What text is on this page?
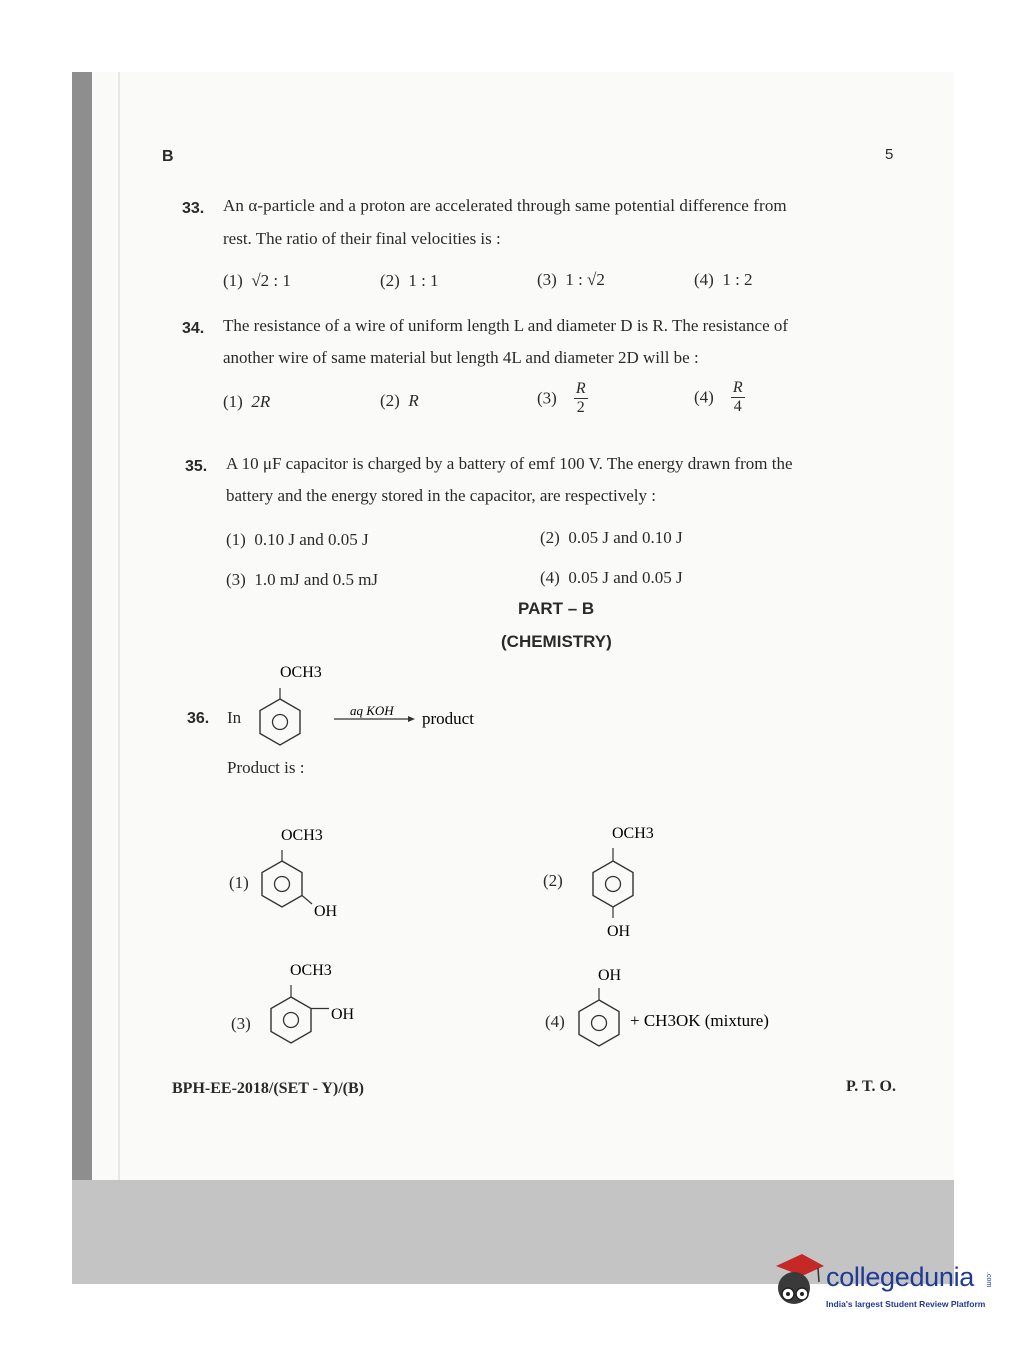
B	5
33. An α-particle and a proton are accelerated through same potential difference from
rest. The ratio of their final velocities is :
(1) √2 : 1	(2) 1 : 1	(3) 1 : √2	(4) 1 : 2
34. The resistance of a wire of uniform length L and diameter D is R. The resistance of
another wire of same material but length 4L and diameter 2D will be :
(1) 2R	(2) R	$(3) \frac{R}{2}$	$(4) \frac{R}{4}$
35. A 10 μF capacitor is charged by a battery of emf 100 V. The energy drawn from the
battery and the energy stored in the capacitor, are respectively :
(1) 0.10 J and 0.05 J	(2) 0.05 J and 0.10 J
(3) 1.0 mJ and 0.5 mJ	(4) 0.05 J and 0.05 J
PART – B
(CHEMISTRY)
36. In
OCH3
aq KOH product
Product is :
(1)
OCH3
OH
(2)
OCH3
OH
(3)
OCH3
OH	(4)
OH
+ CH3OK (mixture)
BPH-EE-2018/(SET - Y)/(B)	P. T. O.
collegedunia .com
India's largest Student Review Platform
